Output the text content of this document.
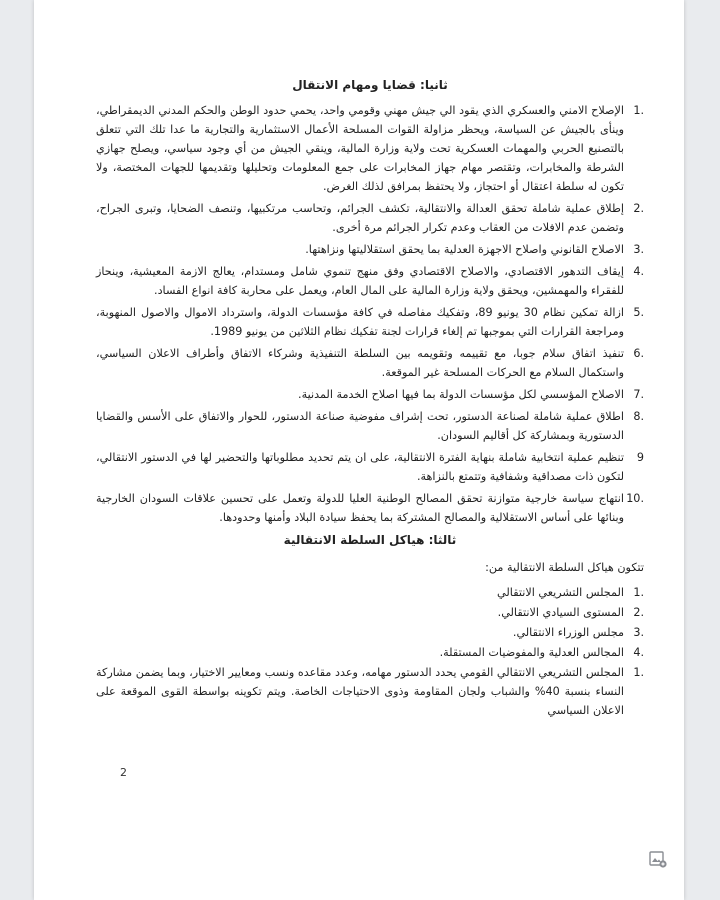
ثانيا: قضايا ومهام الانتقال
.1
الإصلاح الامني والعسكري الذي يقود الي جيش مهني وقومي واحد، يحمي حدود الوطن والحكم المدني الديمقراطي، وينأى بالجيش عن السياسة، ويحظر مزاولة القوات المسلحة الأعمال الاستثمارية والتجارية ما عدا تلك التي تتعلق بالتصنيع الحربي والمهمات العسكرية تحت ولاية وزارة المالية، وينقي الجيش من أي وجود سياسي، ويصلح جهازي الشرطة والمخابرات، وتقتصر مهام جهاز المخابرات على جمع المعلومات وتحليلها وتقديمها للجهات المختصة، ولا تكون له سلطة اعتقال أو احتجاز، ولا يحتفظ بمرافق لذلك الغرض.
.2
إطلاق عملية شاملة تحقق العدالة والانتقالية، تكشف الجرائم، وتحاسب مرتكبيها، وتنصف الضحايا، وتبرى الجراح، وتضمن عدم الافلات من العقاب وعدم تكرار الجرائم مرة أخرى.
.3
الاصلاح القانوني واصلاح الاجهزة العدلية بما يحقق استقلاليتها ونزاهتها.
.4
إيقاف التدهور الاقتصادي، والاصلاح الاقتصادي وفق منهج تنموي شامل ومستدام، يعالج الازمة المعيشية، وينحاز للفقراء والمهمشين، ويحقق ولاية وزارة المالية على المال العام، ويعمل على محاربة كافة انواع الفساد.
.5
ازالة تمكين نظام 30 يونيو 89، وتفكيك مفاصله في كافة مؤسسات الدولة، واسترداد الاموال والاصول المنهوبة، ومراجعة القرارات التي بموجبها تم إلغاء قرارات لجنة تفكيك نظام الثلاثين من يونيو 1989.
.6
تنفيذ اتفاق سلام جوبا، مع تقييمه وتقويمه بين السلطة التنفيذية وشركاء الاتفاق وأطراف الاعلان السياسي، واستكمال السلام مع الحركات المسلحة غير الموقعة.
.7
الاصلاح المؤسسي لكل مؤسسات الدولة بما فيها اصلاح الخدمة المدنية.
.8
اطلاق عملية شاملة لصناعة الدستور، تحت إشراف مفوضية صناعة الدستور، للحوار والاتفاق على الأسس والقضايا الدستورية وبمشاركة كل أقاليم السودان.
9
تنظيم عملية انتخابية شاملة بنهاية الفترة الانتقالية، على ان يتم تحديد مطلوباتها والتحضير لها في الدستور الانتقالي، لتكون ذات مصداقية وشفافية وتتمتع بالنزاهة.
.10
انتهاج سياسة خارجية متوازنة تحقق المصالح الوطنية العليا للدولة وتعمل على تحسين علاقات السودان الخارجية وبنائها على أساس الاستقلالية والمصالح المشتركة بما يحفظ سيادة البلاد وأمنها وحدودها.
ثالثا: هياكل السلطة الانتقالية
تتكون هياكل السلطة الانتقالية من:
.1
المجلس التشريعي الانتقالي
.2
المستوى السيادي الانتقالي.
.3
مجلس الوزراء الانتقالي.
.4
المجالس العدلية والمفوضيات المستقلة.
.1
المجلس التشريعي الانتقالي القومي يحدد الدستور مهامه، وعدد مقاعده ونسب ومعايير الاختيار، وبما يضمن مشاركة النساء بنسبة 40% والشباب ولجان المقاومة وذوى الاحتياجات الخاصة. ويتم تكوينه بواسطة القوى الموقعة على الاعلان السياسي
2
